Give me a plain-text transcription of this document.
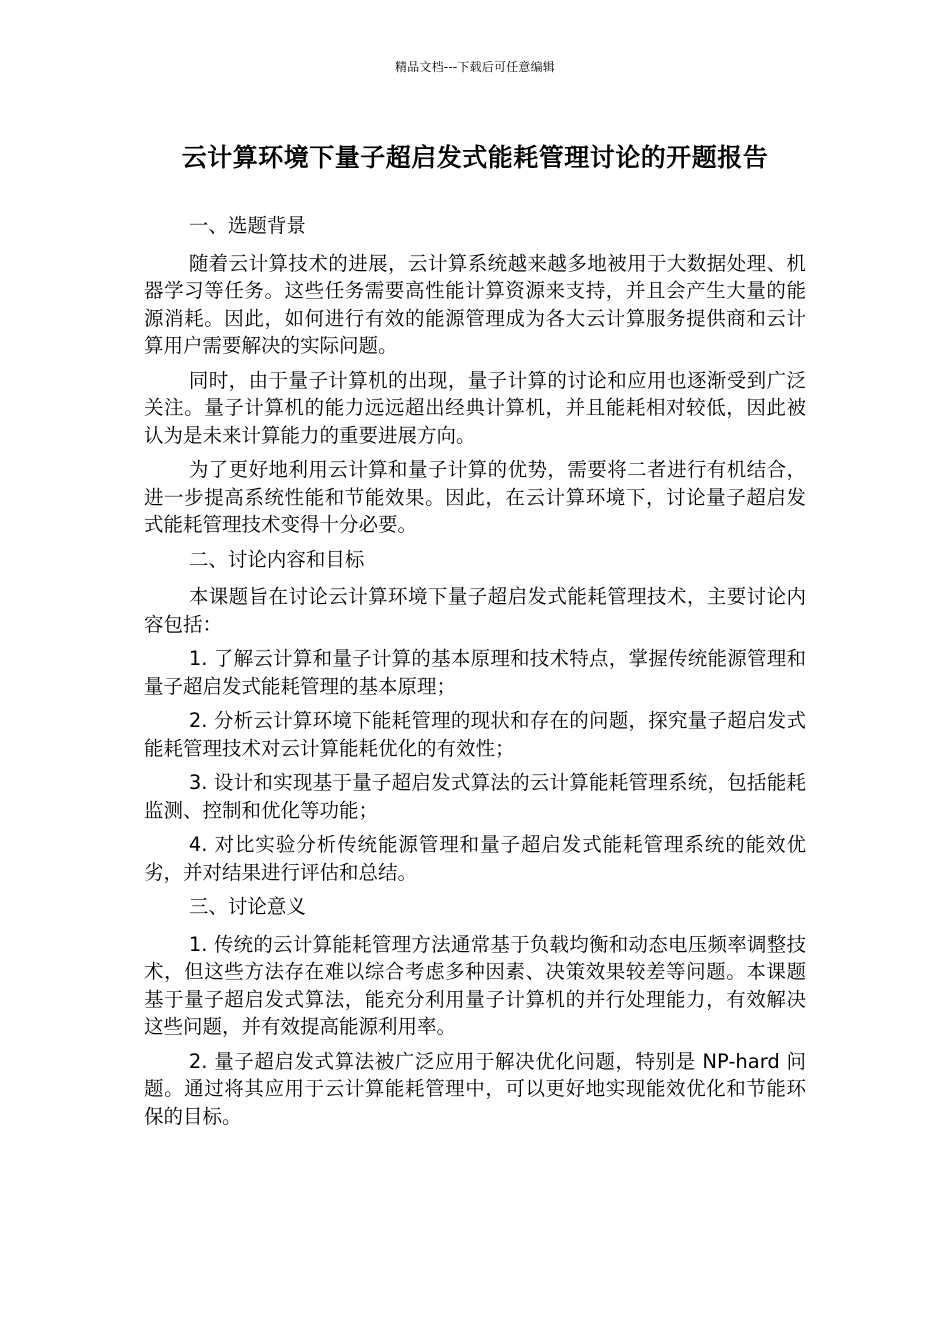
精品文档---下载后可任意编辑
云计算环境下量子超启发式能耗管理讨论的开题报告
一、选题背景

随着云计算技术的进展，云计算系统越来越多地被用于大数据处理、机器学习等任务。这些任务需要高性能计算资源来支持，并且会产生大量的能源消耗。因此，如何进行有效的能源管理成为各大云计算服务提供商和云计算用户需要解决的实际问题。

同时，由于量子计算机的出现，量子计算的讨论和应用也逐渐受到广泛关注。量子计算机的能力远远超出经典计算机，并且能耗相对较低，因此被认为是未来计算能力的重要进展方向。

为了更好地利用云计算和量子计算的优势，需要将二者进行有机结合，进一步提高系统性能和节能效果。因此，在云计算环境下，讨论量子超启发式能耗管理技术变得十分必要。

二、讨论内容和目标

本课题旨在讨论云计算环境下量子超启发式能耗管理技术，主要讨论内容包括：

1. 了解云计算和量子计算的基本原理和技术特点，掌握传统能源管理和量子超启发式能耗管理的基本原理；

2. 分析云计算环境下能耗管理的现状和存在的问题，探究量子超启发式能耗管理技术对云计算能耗优化的有效性；

3. 设计和实现基于量子超启发式算法的云计算能耗管理系统，包括能耗监测、控制和优化等功能；

4. 对比实验分析传统能源管理和量子超启发式能耗管理系统的能效优劣，并对结果进行评估和总结。

三、讨论意义

1. 传统的云计算能耗管理方法通常基于负载均衡和动态电压频率调整技术，但这些方法存在难以综合考虑多种因素、决策效果较差等问题。本课题基于量子超启发式算法，能充分利用量子计算机的并行处理能力，有效解决这些问题，并有效提高能源利用率。

2. 量子超启发式算法被广泛应用于解决优化问题，特别是 NP-hard 问题。通过将其应用于云计算能耗管理中，可以更好地实现能效优化和节能环保的目标。
